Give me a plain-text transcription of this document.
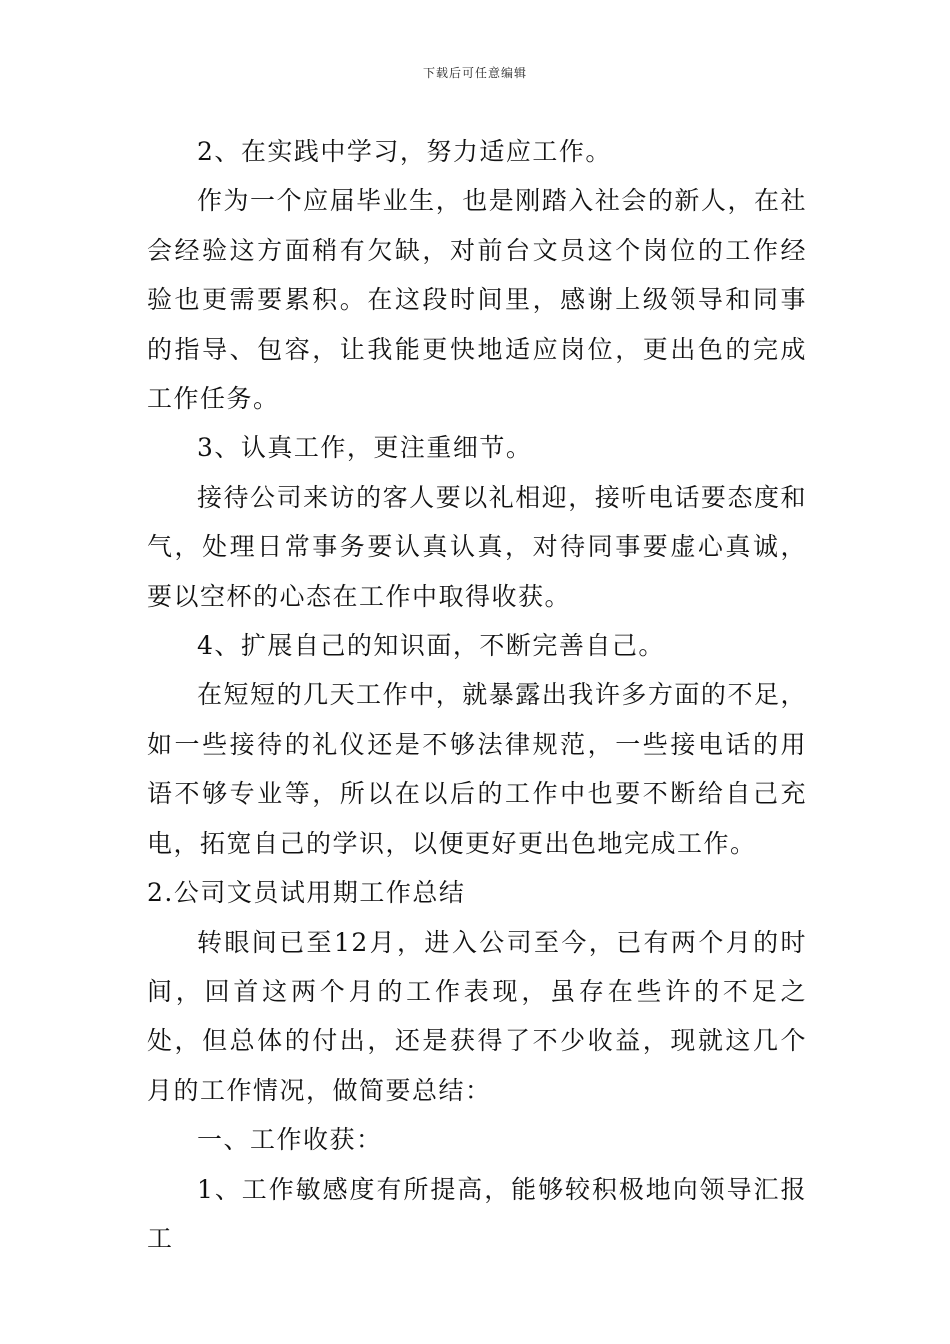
下载后可任意编辑

2、在实践中学习，努力适应工作。

作为一个应届毕业生，也是刚踏入社会的新人，在社会经验这方面稍有欠缺，对前台文员这个岗位的工作经验也更需要累积。在这段时间里，感谢上级领导和同事的指导、包容，让我能更快地适应岗位，更出色的完成工作任务。

3、认真工作，更注重细节。

接待公司来访的客人要以礼相迎，接听电话要态度和气，处理日常事务要认真认真，对待同事要虚心真诚，要以空杯的心态在工作中取得收获。

4、扩展自己的知识面，不断完善自己。

在短短的几天工作中，就暴露出我许多方面的不足，如一些接待的礼仪还是不够法律规范，一些接电话的用语不够专业等，所以在以后的工作中也要不断给自己充电，拓宽自己的学识，以便更好更出色地完成工作。

2.公司文员试用期工作总结

转眼间已至12月，进入公司至今，已有两个月的时间，回首这两个月的工作表现，虽存在些许的不足之处，但总体的付出，还是获得了不少收益，现就这几个月的工作情况，做简要总结：

一、工作收获：

1、工作敏感度有所提高，能够较积极地向领导汇报工
